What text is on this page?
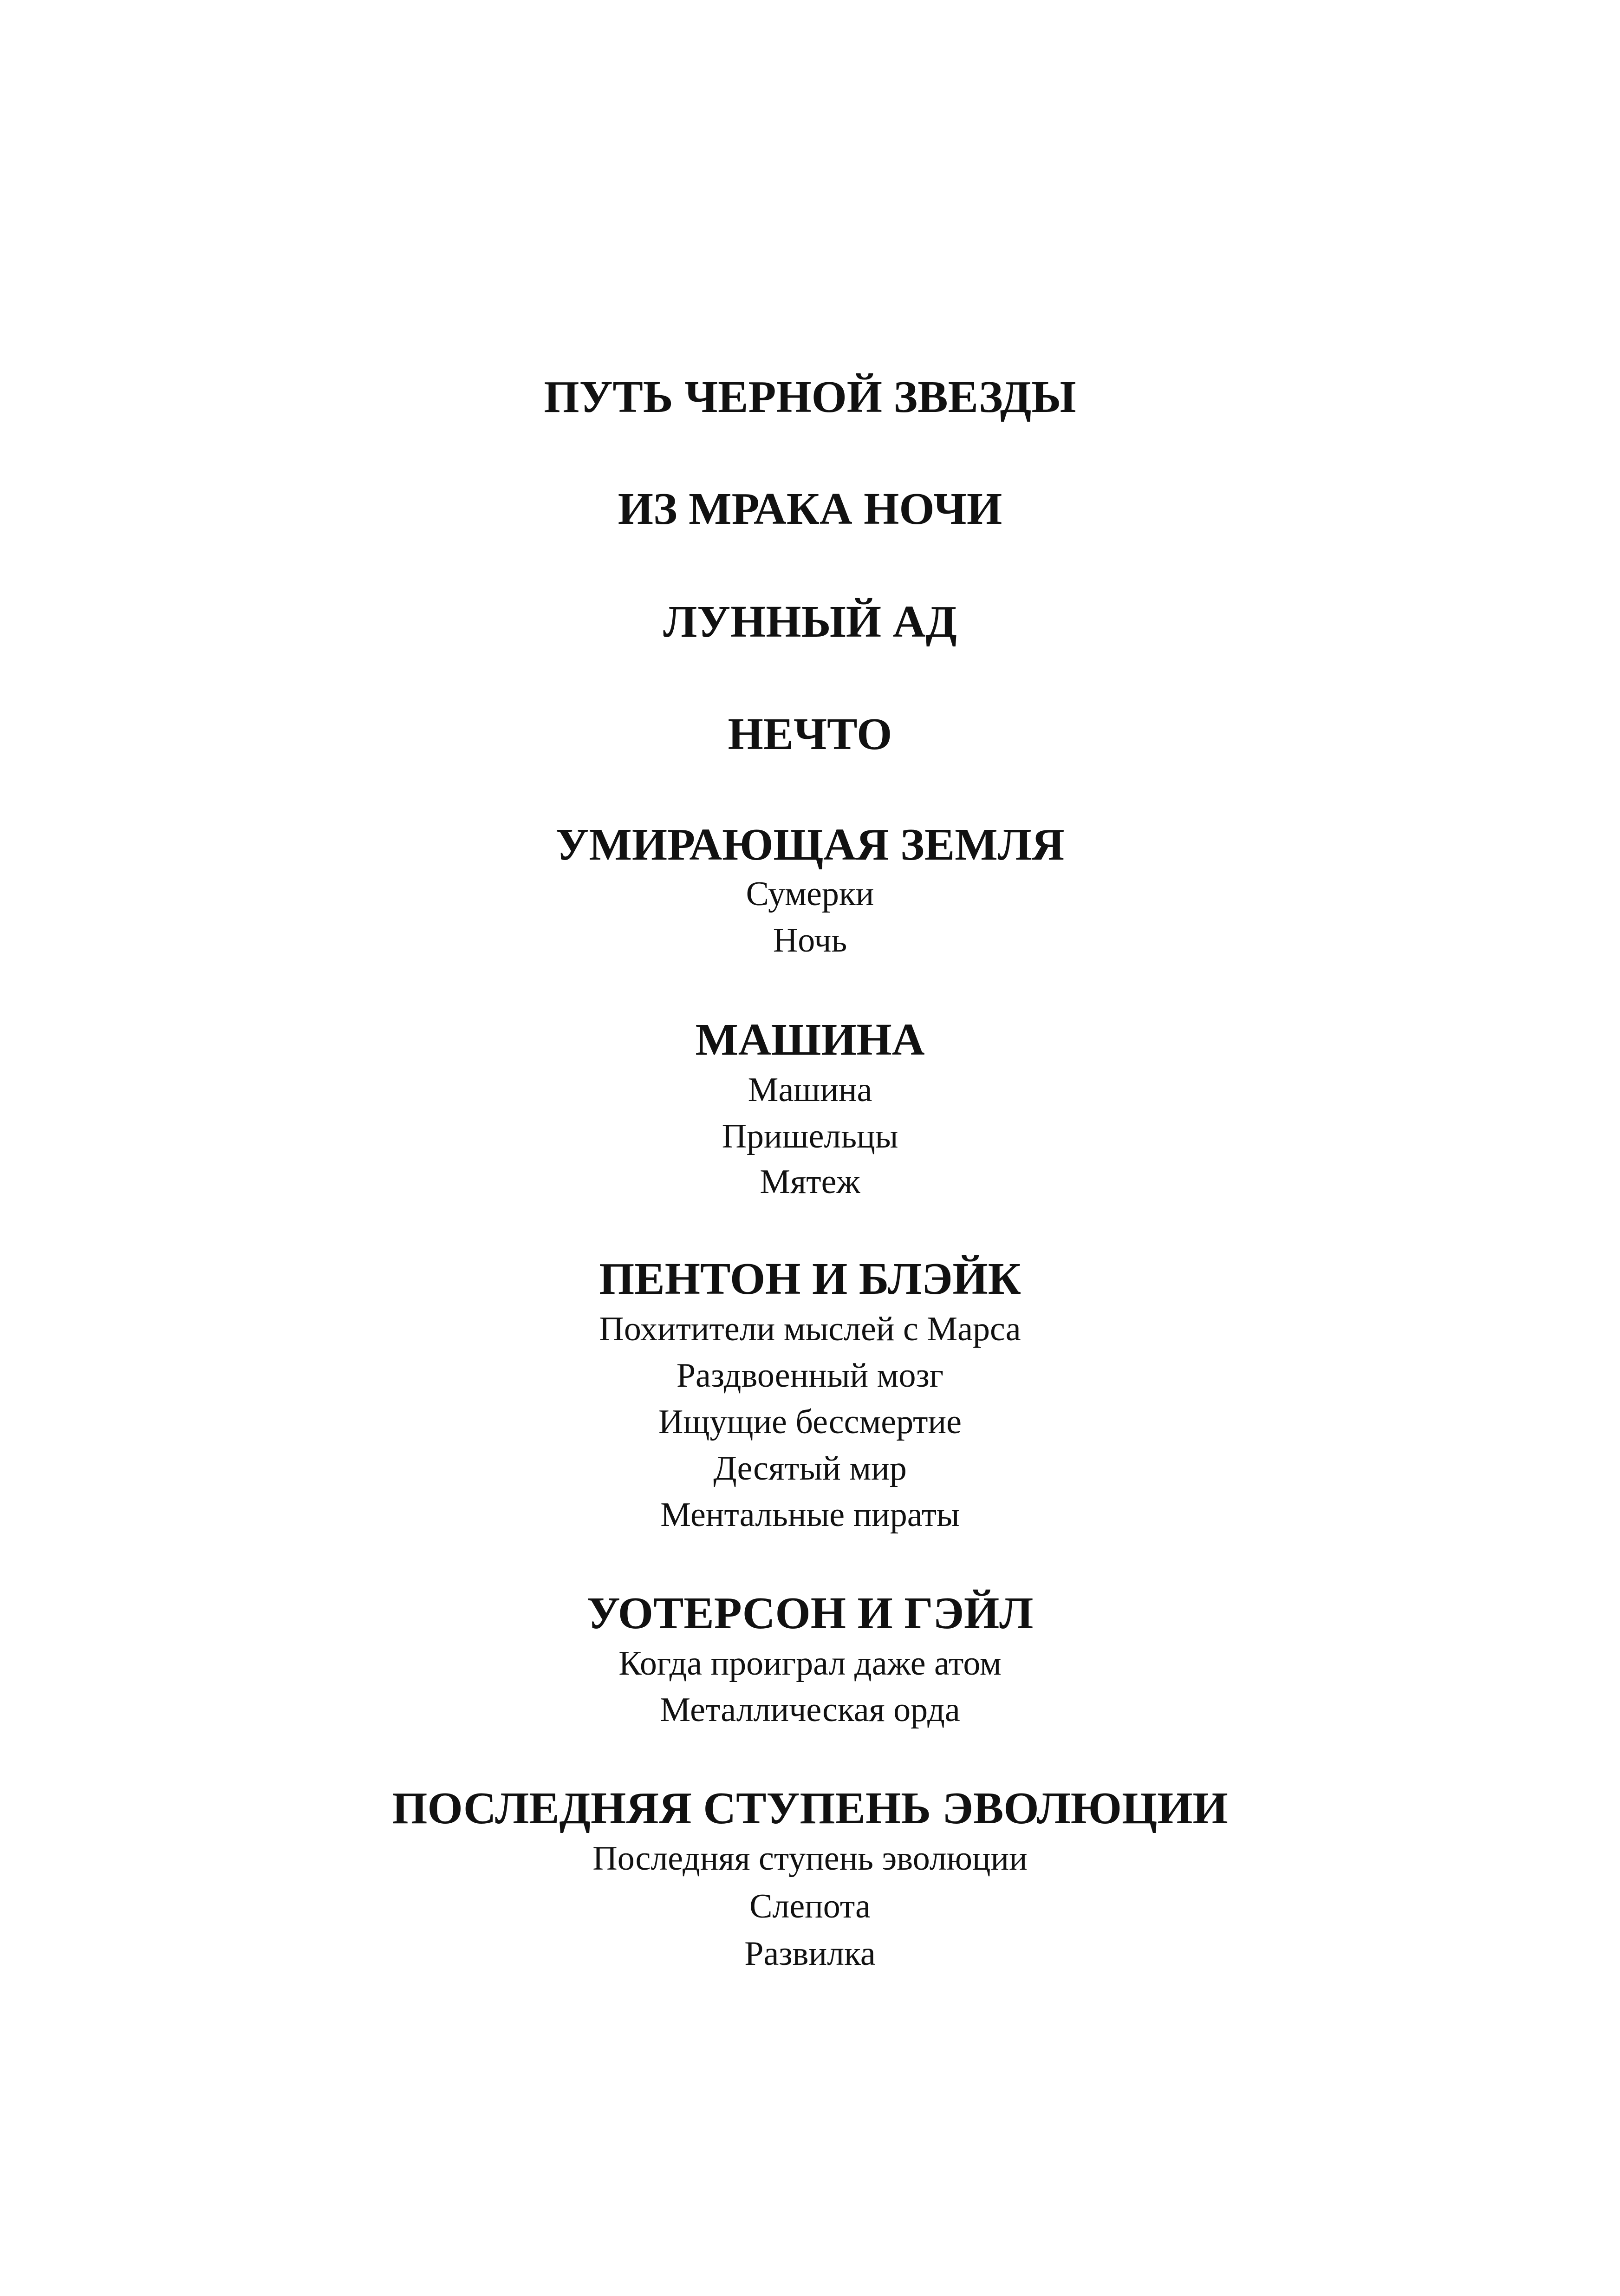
ПУТЬ ЧЕРНОЙ ЗВЕЗДЫ
ИЗ МРАКА НОЧИ
ЛУННЫЙ АД
НЕЧТО
УМИРАЮЩАЯ ЗЕМЛЯ
Сумерки
Ночь
МАШИНА
Машина
Пришельцы
Мятеж
ПЕНТОН И БЛЭЙК
Похитители мыслей с Марса
Раздвоенный мозг
Ищущие бессмертие
Десятый мир
Ментальные пираты
УОТЕРСОН И ГЭЙЛ
Когда проиграл даже атом
Металлическая орда
ПОСЛЕДНЯЯ СТУПЕНЬ ЭВОЛЮЦИИ
Последняя ступень эволюции
Слепота
Развилка
